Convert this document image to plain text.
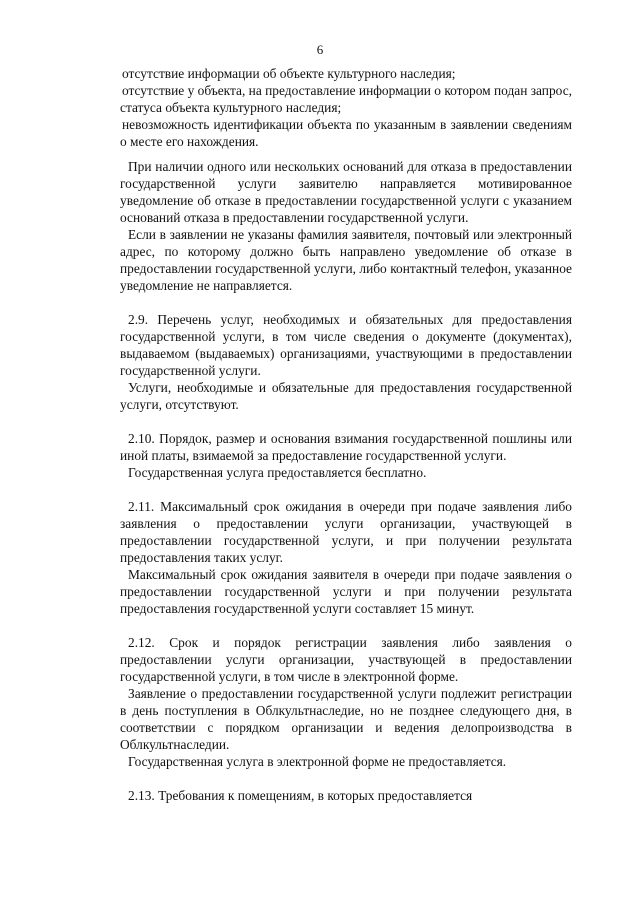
6

отсутствие информации об объекте культурного наследия;

отсутствие у объекта, на предоставление информации о котором подан запрос, статуса объекта культурного наследия;

невозможность идентификации объекта по указанным в заявлении сведениям о месте его нахождения.

При наличии одного или нескольких оснований для отказа в предоставлении государственной услуги заявителю направляется мотивированное уведомление об отказе в предоставлении государственной услуги с указанием оснований отказа в предоставлении государственной услуги.

Если в заявлении не указаны фамилия заявителя, почтовый или электронный адрес, по которому должно быть направлено уведомление об отказе в предоставлении государственной услуги, либо контактный телефон, указанное уведомление не направляется.

2.9. Перечень услуг, необходимых и обязательных для предоставления государственной услуги, в том числе сведения о документе (документах), выдаваемом (выдаваемых) организациями, участвующими в предоставлении государственной услуги.

Услуги, необходимые и обязательные для предоставления государственной услуги, отсутствуют.

2.10. Порядок, размер и основания взимания государственной пошлины или иной платы, взимаемой за предоставление государственной услуги.

Государственная услуга предоставляется бесплатно.

2.11. Максимальный срок ожидания в очереди при подаче заявления либо заявления о предоставлении услуги организации, участвующей в предоставлении государственной услуги, и при получении результата предоставления таких услуг.

Максимальный срок ожидания заявителя в очереди при подаче заявления о предоставлении государственной услуги и при получении результата предоставления государственной услуги составляет 15 минут.

2.12. Срок и порядок регистрации заявления либо заявления о предоставлении услуги организации, участвующей в предоставлении государственной услуги, в том числе в электронной форме.

Заявление о предоставлении государственной услуги подлежит регистрации в день поступления в Облкультнаследие, но не позднее следующего дня, в соответствии с порядком организации и ведения делопроизводства в Облкультнаследии.

Государственная услуга в электронной форме не предоставляется.

2.13. Требования к помещениям, в которых предоставляется
